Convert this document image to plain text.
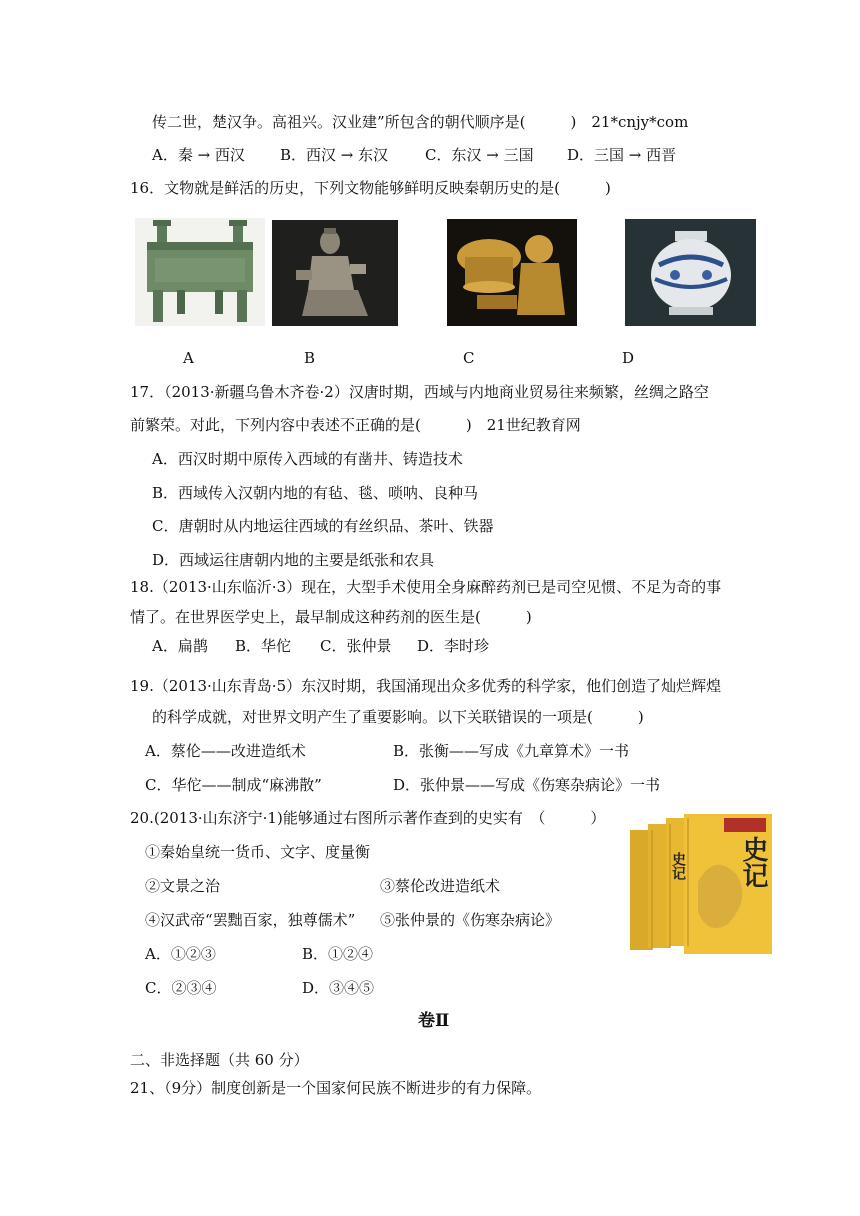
传二世，楚汉争。高祖兴。汉业建”所包含的朝代顺序是(　　　)　21*cnjy*com
A．秦 → 西汉 B．西汉 → 东汉 C．东汉 → 三国 D．三国 → 西晋
16．文物就是鲜活的历史，下列文物能够鲜明反映秦朝历史的是(　　　)
A	B	C	D
17．（2013·新疆乌鲁木齐卷·2）汉唐时期，西域与内地商业贸易往来频繁，丝绸之路空
前繁荣。对此，下列内容中表述不正确的是(　　　)　21世纪教育网
A．西汉时期中原传入西域的有凿井、铸造技术
B．西域传入汉朝内地的有毡、毯、唢呐、良种马
C．唐朝时从内地运往西域的有丝织品、茶叶、铁器
D．西域运往唐朝内地的主要是纸张和农具
18.（2013·山东临沂·3）现在，大型手术使用全身麻醉药剂已是司空见惯、不足为奇的事
情了。在世界医学史上，最早制成这种药剂的医生是(　　　)
A．扁鹊 B．华佗 C．张仲景 D．李时珍
19.（2013·山东青岛·5）东汉时期，我国涌现出众多优秀的科学家，他们创造了灿烂辉煌
的科学成就，对世界文明产生了重要影响。以下关联错误的一项是(　　　)
A．蔡伦——改进造纸术	B．张衡——写成《九章算术》一书
C．华佗——制成“麻沸散”	D．张仲景——写成《伤寒杂病论》一书
20.(2013·山东济宁·1)能够通过右图所示著作查到的史实有　（　　　）
①秦始皇统一货币、文字、度量衡
②文景之治	③蔡伦改进造纸术
④汉武帝“罢黜百家，独尊儒术” ⑤张仲景的《伤寒杂病论》
A．①②③	B．①②④
C．②③④	D．③④⑤
史记
史记
卷Ⅱ
二、非选择题（共 60 分）
21、（9分）制度创新是一个国家何民族不断进步的有力保障。
